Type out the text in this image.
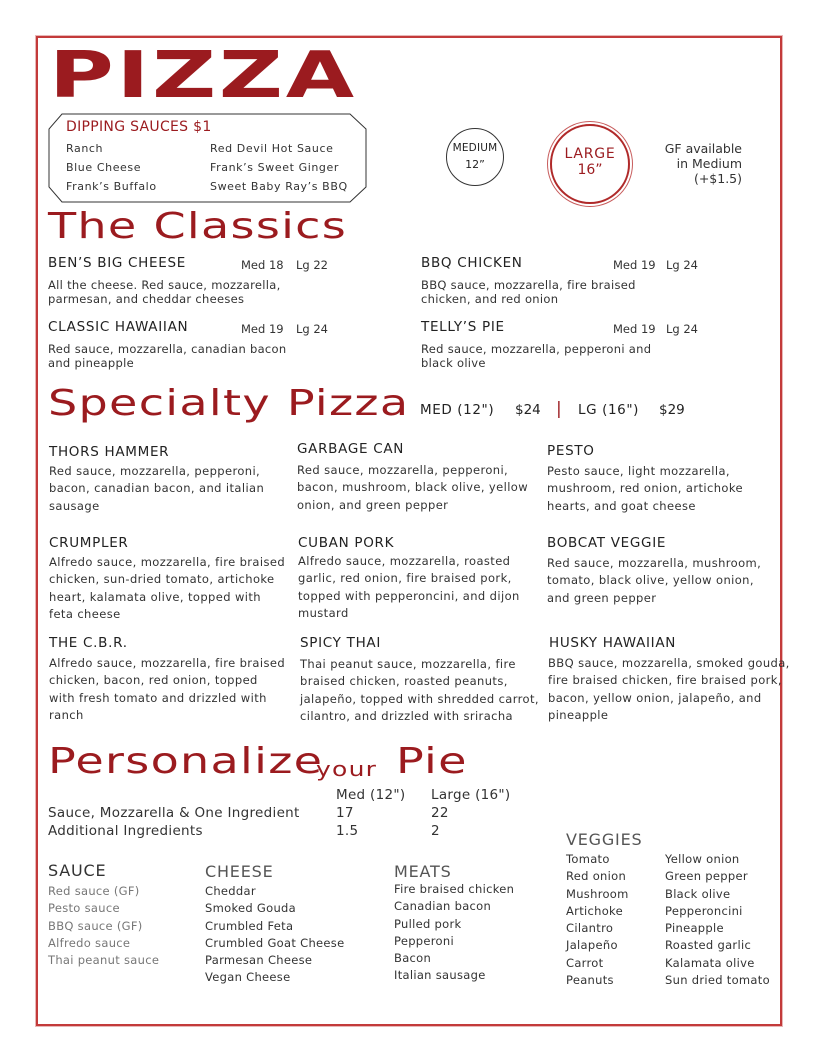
PIZZA
DIPPING SAUCES $1
Ranch
Blue Cheese
Frank’s Buffalo
Red Devil Hot Sauce
Frank’s Sweet Ginger
Sweet Baby Ray’s BBQ
MEDIUM
12”
LARGE
16”
GF available
in Medium
(+$1.5)
The Classics
BEN’S BIG CHEESE	Med 18 Lg 22
All the cheese. Red sauce, mozzarella,
parmesan, and cheddar cheeses
BBQ CHICKEN	Med 19 Lg 24
BBQ sauce, mozzarella, fire braised
chicken, and red onion
CLASSIC HAWAIIAN	Med 19 Lg 24
Red sauce, mozzarella, canadian bacon
and pineapple
TELLY’S PIE	Med 19 Lg 24
Red sauce, mozzarella, pepperoni and
black olive
Specialty Pizza MED (12") $24 | LG (16") $29
THORS HAMMER
Red sauce, mozzarella, pepperoni,
bacon, canadian bacon, and italian
sausage
GARBAGE CAN
Red sauce, mozzarella, pepperoni,
bacon, mushroom, black olive, yellow
onion, and green pepper
PESTO
Pesto sauce, light mozzarella,
mushroom, red onion, artichoke
hearts, and goat cheese
CRUMPLER
Alfredo sauce, mozzarella, fire braised
chicken, sun-dried tomato, artichoke
heart, kalamata olive, topped with
feta cheese
CUBAN PORK
Alfredo sauce, mozzarella, roasted
garlic, red onion, fire braised pork,
topped with pepperoncini, and dijon
mustard
BOBCAT VEGGIE
Red sauce, mozzarella, mushroom,
tomato, black olive, yellow onion,
and green pepper
THE C.B.R.
Alfredo sauce, mozzarella, fire braised
chicken, bacon, red onion, topped
with fresh tomato and drizzled with
ranch
SPICY THAI
Thai peanut sauce, mozzarella, fire
braised chicken, roasted peanuts,
jalapeño, topped with shredded carrot,
cilantro, and drizzled with sriracha
HUSKY HAWAIIAN
BBQ sauce, mozzarella, smoked gouda,
fire braised chicken, fire braised pork,
bacon, yellow onion, jalapeño, and
pineapple
Personalize
your Pie
Med (12") Large (16")
Sauce, Mozzarella & One Ingredient	17	22
Additional Ingredients	1.5	2
SAUCE
Red sauce (GF)
Pesto sauce
BBQ sauce (GF)
Alfredo sauce
Thai peanut sauce
CHEESE
Cheddar
Smoked Gouda
Crumbled Feta
Crumbled Goat Cheese
Parmesan Cheese
Vegan Cheese
MEATS
Fire braised chicken
Canadian bacon
Pulled pork
Pepperoni
Bacon
Italian sausage
VEGGIES
Tomato
Red onion
Mushroom
Artichoke
Cilantro
Jalapeño
Carrot
Peanuts
Yellow onion
Green pepper
Black olive
Pepperoncini
Pineapple
Roasted garlic
Kalamata olive
Sun dried tomato
